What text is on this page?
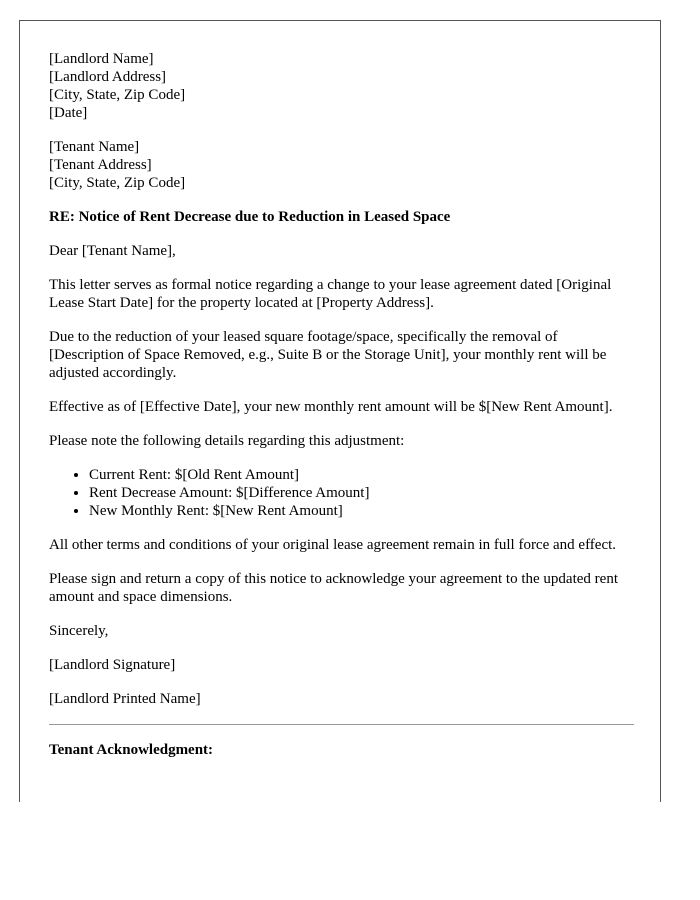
[Landlord Name]
[Landlord Address]
[City, State, Zip Code]
[Date]
[Tenant Name]
[Tenant Address]
[City, State, Zip Code]

RE: Notice of Rent Decrease due to Reduction in Leased Space

Dear [Tenant Name],

This letter serves as formal notice regarding a change to your lease agreement dated [Original Lease Start Date] for the property located at [Property Address].

Due to the reduction of your leased square footage/space, specifically the removal of [Description of Space Removed, e.g., Suite B or the Storage Unit], your monthly rent will be adjusted accordingly.

Effective as of [Effective Date], your new monthly rent amount will be $[New Rent Amount].

Please note the following details regarding this adjustment:

• Current Rent: $[Old Rent Amount]
• Rent Decrease Amount: $[Difference Amount]
• New Monthly Rent: $[New Rent Amount]

All other terms and conditions of your original lease agreement remain in full force and effect.

Please sign and return a copy of this notice to acknowledge your agreement to the updated rent amount and space dimensions.

Sincerely,

[Landlord Signature]

[Landlord Printed Name]

Tenant Acknowledgment:
